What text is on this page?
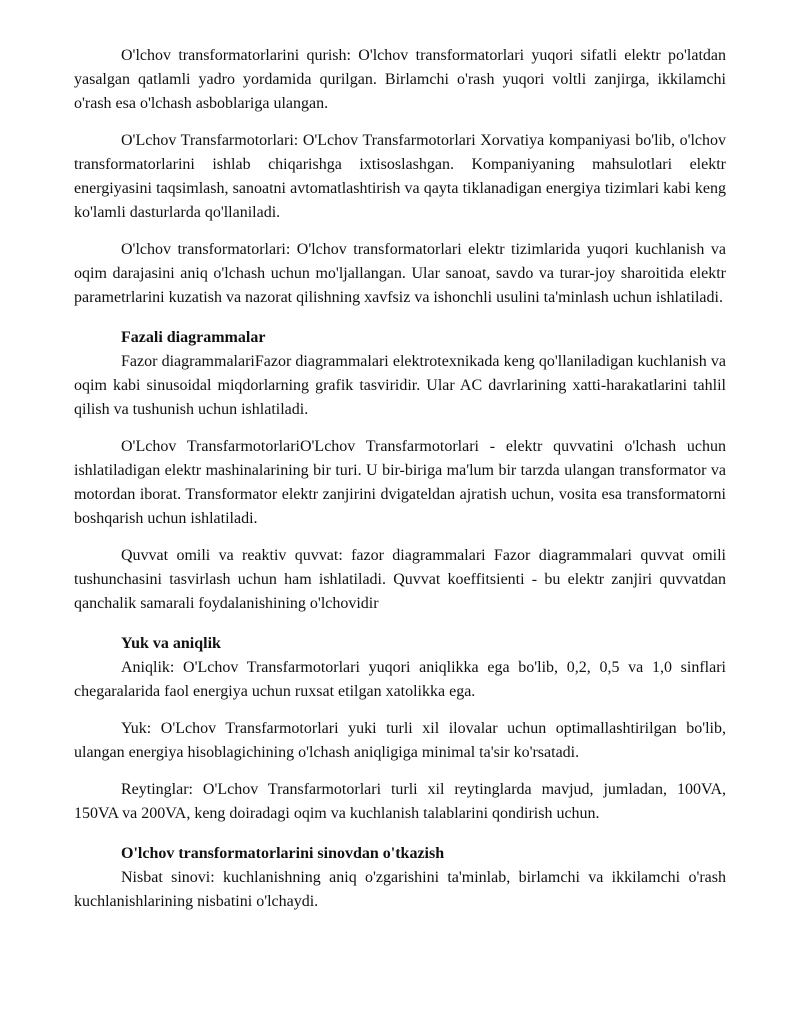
O'lchov transformatorlarini qurish: O'lchov transformatorlari yuqori sifatli elektr po'latdan yasalgan qatlamli yadro yordamida qurilgan. Birlamchi o'rash yuqori voltli zanjirga, ikkilamchi o'rash esa o'lchash asboblariga ulangan.

O'Lchov Transfarmotorlari: O'Lchov Transfarmotorlari Xorvatiya kompaniyasi bo'lib, o'lchov transformatorlarini ishlab chiqarishga ixtisoslashgan. Kompaniyaning mahsulotlari elektr energiyasini taqsimlash, sanoatni avtomatlashtirish va qayta tiklanadigan energiya tizimlari kabi keng ko'lamli dasturlarda qo'llaniladi.

O'lchov transformatorlari: O'lchov transformatorlari elektr tizimlarida yuqori kuchlanish va oqim darajasini aniq o'lchash uchun mo'ljallangan. Ular sanoat, savdo va turar-joy sharoitida elektr parametrlarini kuzatish va nazorat qilishning xavfsiz va ishonchli usulini ta'minlash uchun ishlatiladi.

Fazali diagrammalar

Fazor diagrammalariFazor diagrammalari elektrotexnikada keng qo'llaniladigan kuchlanish va oqim kabi sinusoidal miqdorlarning grafik tasviridir. Ular AC davrlarining xatti-harakatlarini tahlil qilish va tushunish uchun ishlatiladi.

O'Lchov TransfarmotorlariO'Lchov Transfarmotorlari - elektr quvvatini o'lchash uchun ishlatiladigan elektr mashinalarining bir turi. U bir-biriga ma'lum bir tarzda ulangan transformator va motordan iborat. Transformator elektr zanjirini dvigateldan ajratish uchun, vosita esa transformatorni boshqarish uchun ishlatiladi.

Quvvat omili va reaktiv quvvat: fazor diagrammalari Fazor diagrammalari quvvat omili tushunchasini tasvirlash uchun ham ishlatiladi. Quvvat koeffitsienti - bu elektr zanjiri quvvatdan qanchalik samarali foydalanishining o'lchovidir

Yuk va aniqlik

Aniqlik: O'Lchov Transfarmotorlari yuqori aniqlikka ega bo'lib, 0,2, 0,5 va 1,0 sinflari chegaralarida faol energiya uchun ruxsat etilgan xatolikka ega.

Yuk: O'Lchov Transfarmotorlari yuki turli xil ilovalar uchun optimallashtirilgan bo'lib, ulangan energiya hisoblagichining o'lchash aniqligiga minimal ta'sir ko'rsatadi.

Reytinglar: O'Lchov Transfarmotorlari turli xil reytinglarda mavjud, jumladan, 100VA, 150VA va 200VA, keng doiradagi oqim va kuchlanish talablarini qondirish uchun.

O'lchov transformatorlarini sinovdan o'tkazish

Nisbat sinovi: kuchlanishning aniq o'zgarishini ta'minlab, birlamchi va ikkilamchi o'rash kuchlanishlarining nisbatini o'lchaydi.
